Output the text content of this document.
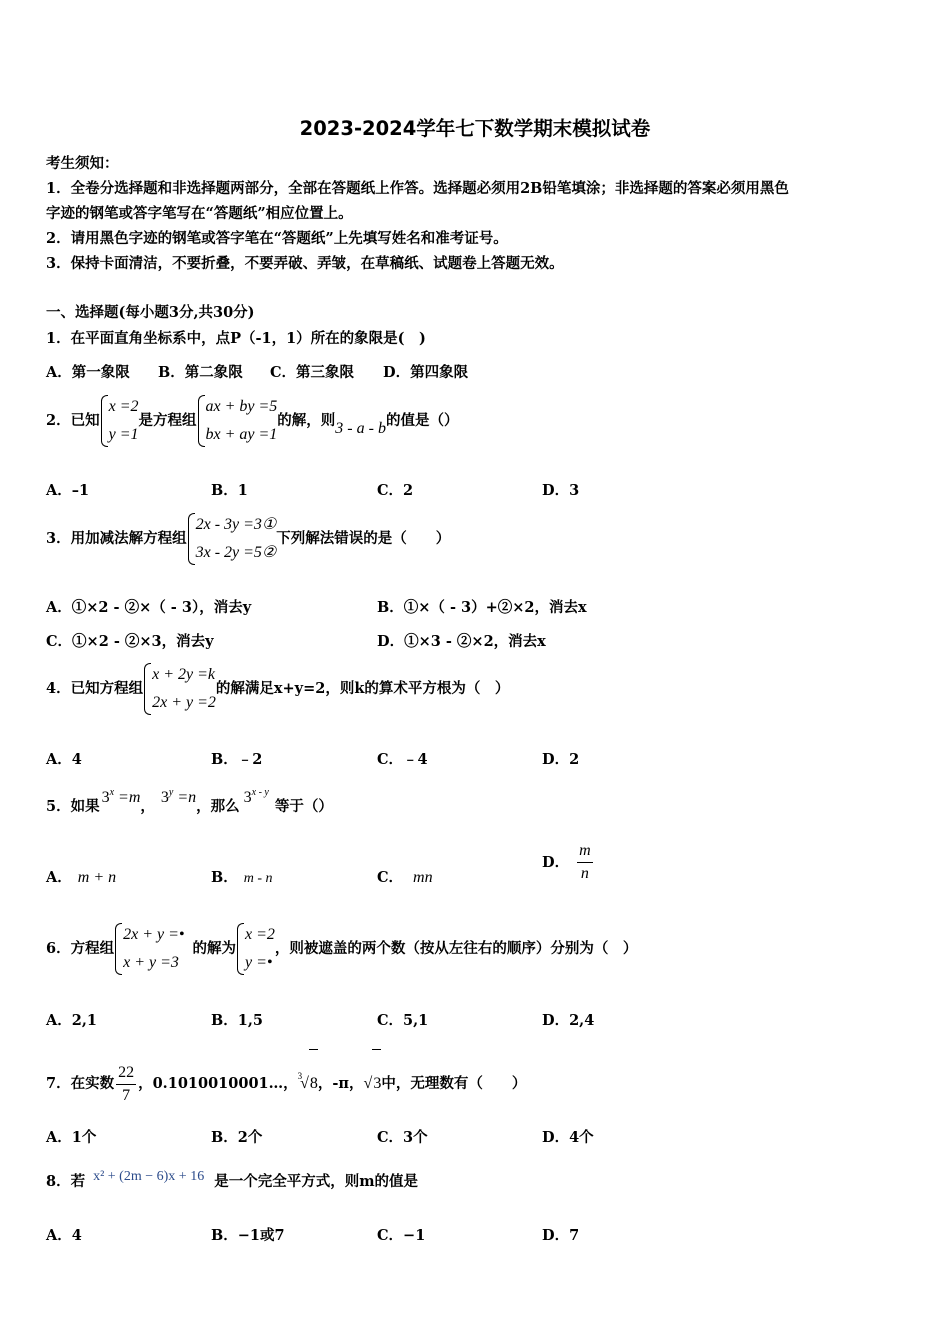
2023-2024学年七下数学期末模拟试卷
考生须知：
1．全卷分选择题和非选择题两部分，全部在答题纸上作答。选择题必须用2B铅笔填涂；非选择题的答案必须用黑色
字迹的钢笔或答字笔写在“答题纸”相应位置上。
2．请用黑色字迹的钢笔或答字笔在“答题纸”上先填写姓名和准考证号。
3．保持卡面清洁，不要折叠，不要弄破、弄皱，在草稿纸、试题卷上答题无效。
一、选择题(每小题3分,共30分)
1．在平面直角坐标系中，点P（-1，1）所在的象限是(　)
A．第一象限 B．第二象限 C．第三象限 D．第四象限
2．已知
x =2
y =1
是方程组
ax + by =5
bx + ay =1
的解，则3 - a - b的值是（）
A．–1	B．1	C．2	D．3
3．用加减法解方程组
2x - 3y =3①
3x - 2y =5②
下列解法错误的是（　　）
A．①×2 - ②×（ - 3），消去y	B．①×（ - 3）+②×2，消去x
C．①×2 - ②×3，消去y	D．①×3 - ②×2，消去x
4．已知方程组
x + 2y =k
2x + y =2
的解满足x+y=2，则k的算术平方根为（　）
A．4	B．﹣2	C．﹣4	D．2
5．如果$3^x =m$，$3^y =n$，那么3$^{x - y}$等于（）
A． m + n	B． m - n	C． mn
D． $\frac{m}{n}$
6．方程组
2x + y =•
x + y =3
的解为
x =2
y =•
，则被遮盖的两个数（按从左往右的顺序）分别为（　）
A．2,1	B．1,5	C．5,1	D．2,4
7．在实数 $\frac{22}{7}$ ，0.1010010001…，$^3$√8，-π，√3中，无理数有（　　）
A．1个	B．2个	C．3个	D．4个
8．若 x² + (2m − 6)x + 16 是一个完全平方式，则m的值是
A．4	B．−1或7	C．−1	D．7
